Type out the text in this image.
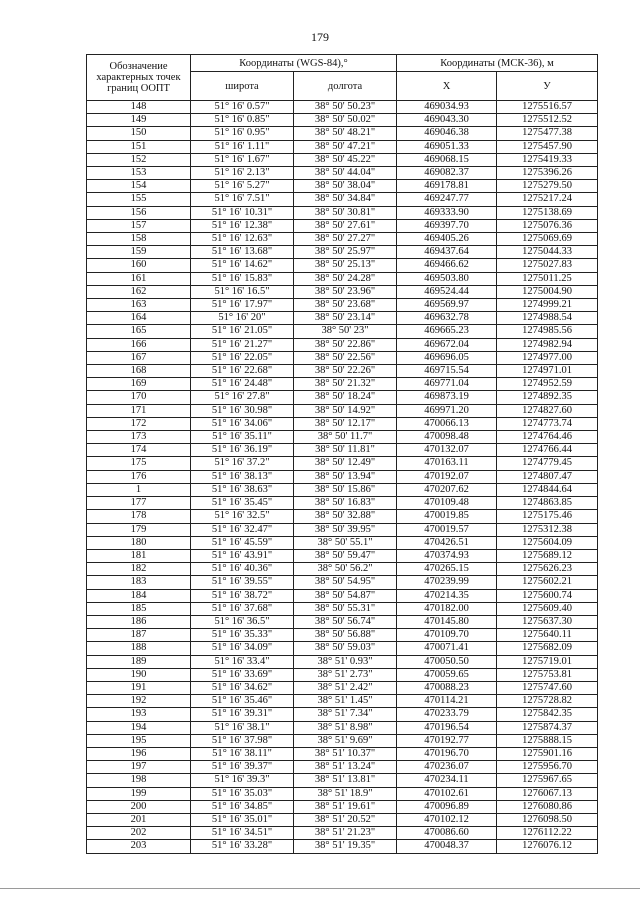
179
Обозначение характерных точек границ ООПТ	Координаты (WGS-84),°		Координаты (МСК-36), м	
	широта	долгота	Х	У
148	51° 16' 0.57"	38° 50' 50.23"	469034.93	1275516.57
149	51° 16' 0.85"	38° 50' 50.02"	469043.30	1275512.52
150	51° 16' 0.95"	38° 50' 48.21"	469046.38	1275477.38
151	51° 16' 1.11"	38° 50' 47.21"	469051.33	1275457.90
152	51° 16' 1.67"	38° 50' 45.22"	469068.15	1275419.33
153	51° 16' 2.13"	38° 50' 44.04"	469082.37	1275396.26
154	51° 16' 5.27"	38° 50' 38.04"	469178.81	1275279.50
155	51° 16' 7.51"	38° 50' 34.84"	469247.77	1275217.24
156	51° 16' 10.31"	38° 50' 30.81"	469333.90	1275138.69
157	51° 16' 12.38"	38° 50' 27.61"	469397.70	1275076.36
158	51° 16' 12.63"	38° 50' 27.27"	469405.26	1275069.69
159	51° 16' 13.68"	38° 50' 25.97"	469437.64	1275044.33
160	51° 16' 14.62"	38° 50' 25.13"	469466.62	1275027.83
161	51° 16' 15.83"	38° 50' 24.28"	469503.80	1275011.25
162	51° 16' 16.5"	38° 50' 23.96"	469524.44	1275004.90
163	51° 16' 17.97"	38° 50' 23.68"	469569.97	1274999.21
164	51° 16' 20"	38° 50' 23.14"	469632.78	1274988.54
165	51° 16' 21.05"	38° 50' 23"	469665.23	1274985.56
166	51° 16' 21.27"	38° 50' 22.86"	469672.04	1274982.94
167	51° 16' 22.05"	38° 50' 22.56"	469696.05	1274977.00
168	51° 16' 22.68"	38° 50' 22.26"	469715.54	1274971.01
169	51° 16' 24.48"	38° 50' 21.32"	469771.04	1274952.59
170	51° 16' 27.8"	38° 50' 18.24"	469873.19	1274892.35
171	51° 16' 30.98"	38° 50' 14.92"	469971.20	1274827.60
172	51° 16' 34.06"	38° 50' 12.17"	470066.13	1274773.74
173	51° 16' 35.11"	38° 50' 11.7"	470098.48	1274764.46
174	51° 16' 36.19"	38° 50' 11.81"	470132.07	1274766.44
175	51° 16' 37.2"	38° 50' 12.49"	470163.11	1274779.45
176	51° 16' 38.13"	38° 50' 13.94"	470192.07	1274807.47
1	51° 16' 38.63"	38° 50' 15.86"	470207.62	1274844.64
177	51° 16' 35.45"	38° 50' 16.83"	470109.48	1274863.85
178	51° 16' 32.5"	38° 50' 32.88"	470019.85	1275175.46
179	51° 16' 32.47"	38° 50' 39.95"	470019.57	1275312.38
180	51° 16' 45.59"	38° 50' 55.1"	470426.51	1275604.09
181	51° 16' 43.91"	38° 50' 59.47"	470374.93	1275689.12
182	51° 16' 40.36"	38° 50' 56.2"	470265.15	1275626.23
183	51° 16' 39.55"	38° 50' 54.95"	470239.99	1275602.21
184	51° 16' 38.72"	38° 50' 54.87"	470214.35	1275600.74
185	51° 16' 37.68"	38° 50' 55.31"	470182.00	1275609.40
186	51° 16' 36.5"	38° 50' 56.74"	470145.80	1275637.30
187	51° 16' 35.33"	38° 50' 56.88"	470109.70	1275640.11
188	51° 16' 34.09"	38° 50' 59.03"	470071.41	1275682.09
189	51° 16' 33.4"	38° 51' 0.93"	470050.50	1275719.01
190	51° 16' 33.69"	38° 51' 2.73"	470059.65	1275753.81
191	51° 16' 34.62"	38° 51' 2.42"	470088.23	1275747.60
192	51° 16' 35.46"	38° 51' 1.45"	470114.21	1275728.82
193	51° 16' 39.31"	38° 51' 7.34"	470233.79	1275842.35
194	51° 16' 38.1"	38° 51' 8.98"	470196.54	1275874.37
195	51° 16' 37.98"	38° 51' 9.69"	470192.77	1275888.15
196	51° 16' 38.11"	38° 51' 10.37"	470196.70	1275901.16
197	51° 16' 39.37"	38° 51' 13.24"	470236.07	1275956.70
198	51° 16' 39.3"	38° 51' 13.81"	470234.11	1275967.65
199	51° 16' 35.03"	38° 51' 18.9"	470102.61	1276067.13
200	51° 16' 34.85"	38° 51' 19.61"	470096.89	1276080.86
201	51° 16' 35.01"	38° 51' 20.52"	470102.12	1276098.50
202	51° 16' 34.51"	38° 51' 21.23"	470086.60	1276112.22
203	51° 16' 33.28"	38° 51' 19.35"	470048.37	1276076.12
